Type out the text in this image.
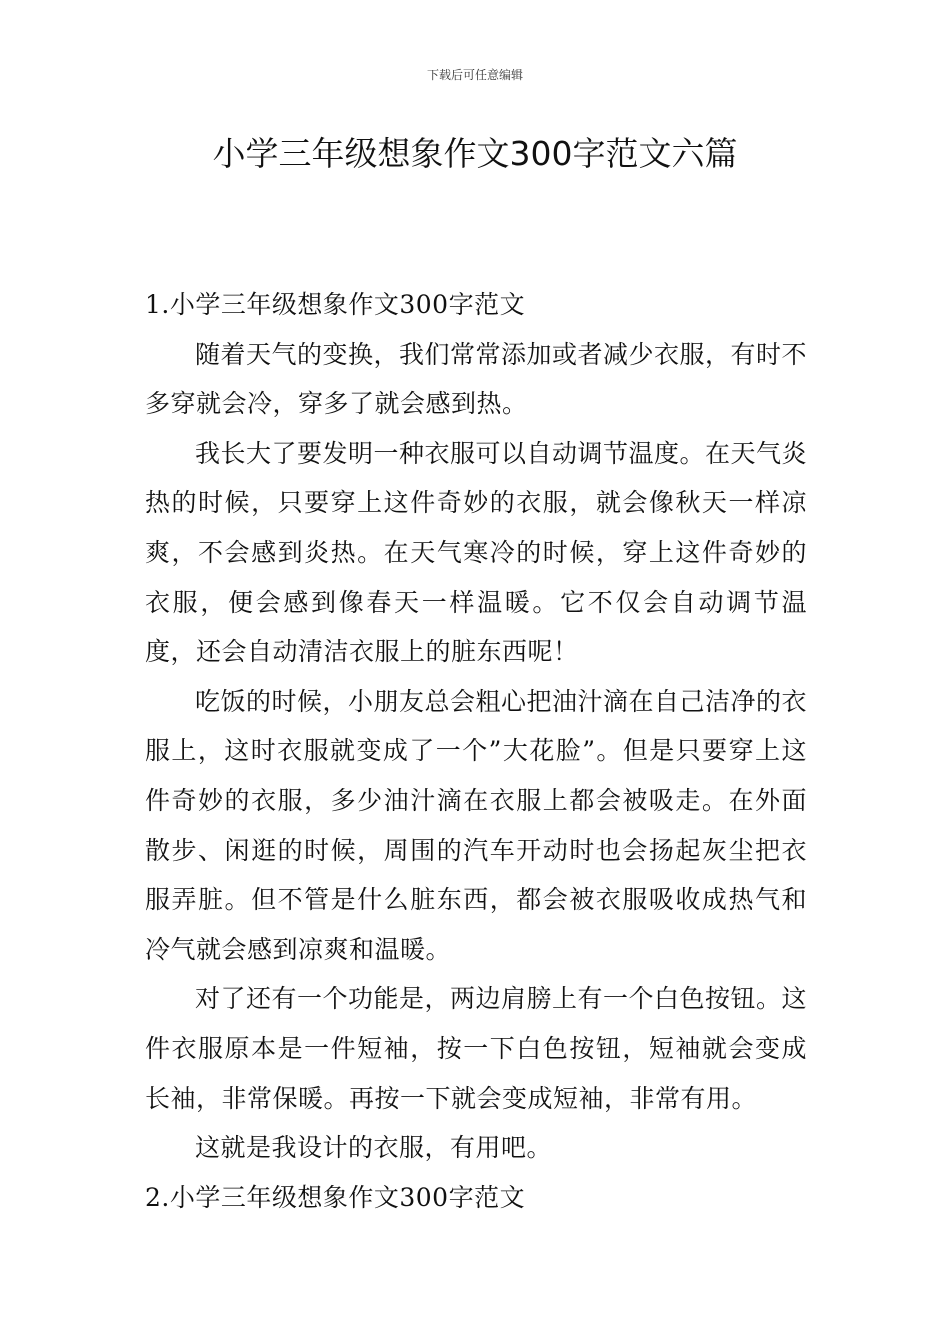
下载后可任意编辑
小学三年级想象作文300字范文六篇

1.小学三年级想象作文300字范文

随着天气的变换，我们常常添加或者减少衣服，有时不多穿就会冷，穿多了就会感到热。

我长大了要发明一种衣服可以自动调节温度。在天气炎热的时候，只要穿上这件奇妙的衣服，就会像秋天一样凉爽，不会感到炎热。在天气寒冷的时候，穿上这件奇妙的衣服，便会感到像春天一样温暖。它不仅会自动调节温度，还会自动清洁衣服上的脏东西呢！

吃饭的时候，小朋友总会粗心把油汁滴在自己洁净的衣服上，这时衣服就变成了一个”大花脸”。但是只要穿上这件奇妙的衣服，多少油汁滴在衣服上都会被吸走。在外面散步、闲逛的时候，周围的汽车开动时也会扬起灰尘把衣服弄脏。但不管是什么脏东西，都会被衣服吸收成热气和冷气就会感到凉爽和温暖。

对了还有一个功能是，两边肩膀上有一个白色按钮。这件衣服原本是一件短袖，按一下白色按钮，短袖就会变成长袖，非常保暖。再按一下就会变成短袖，非常有用。

这就是我设计的衣服，有用吧。

2.小学三年级想象作文300字范文
